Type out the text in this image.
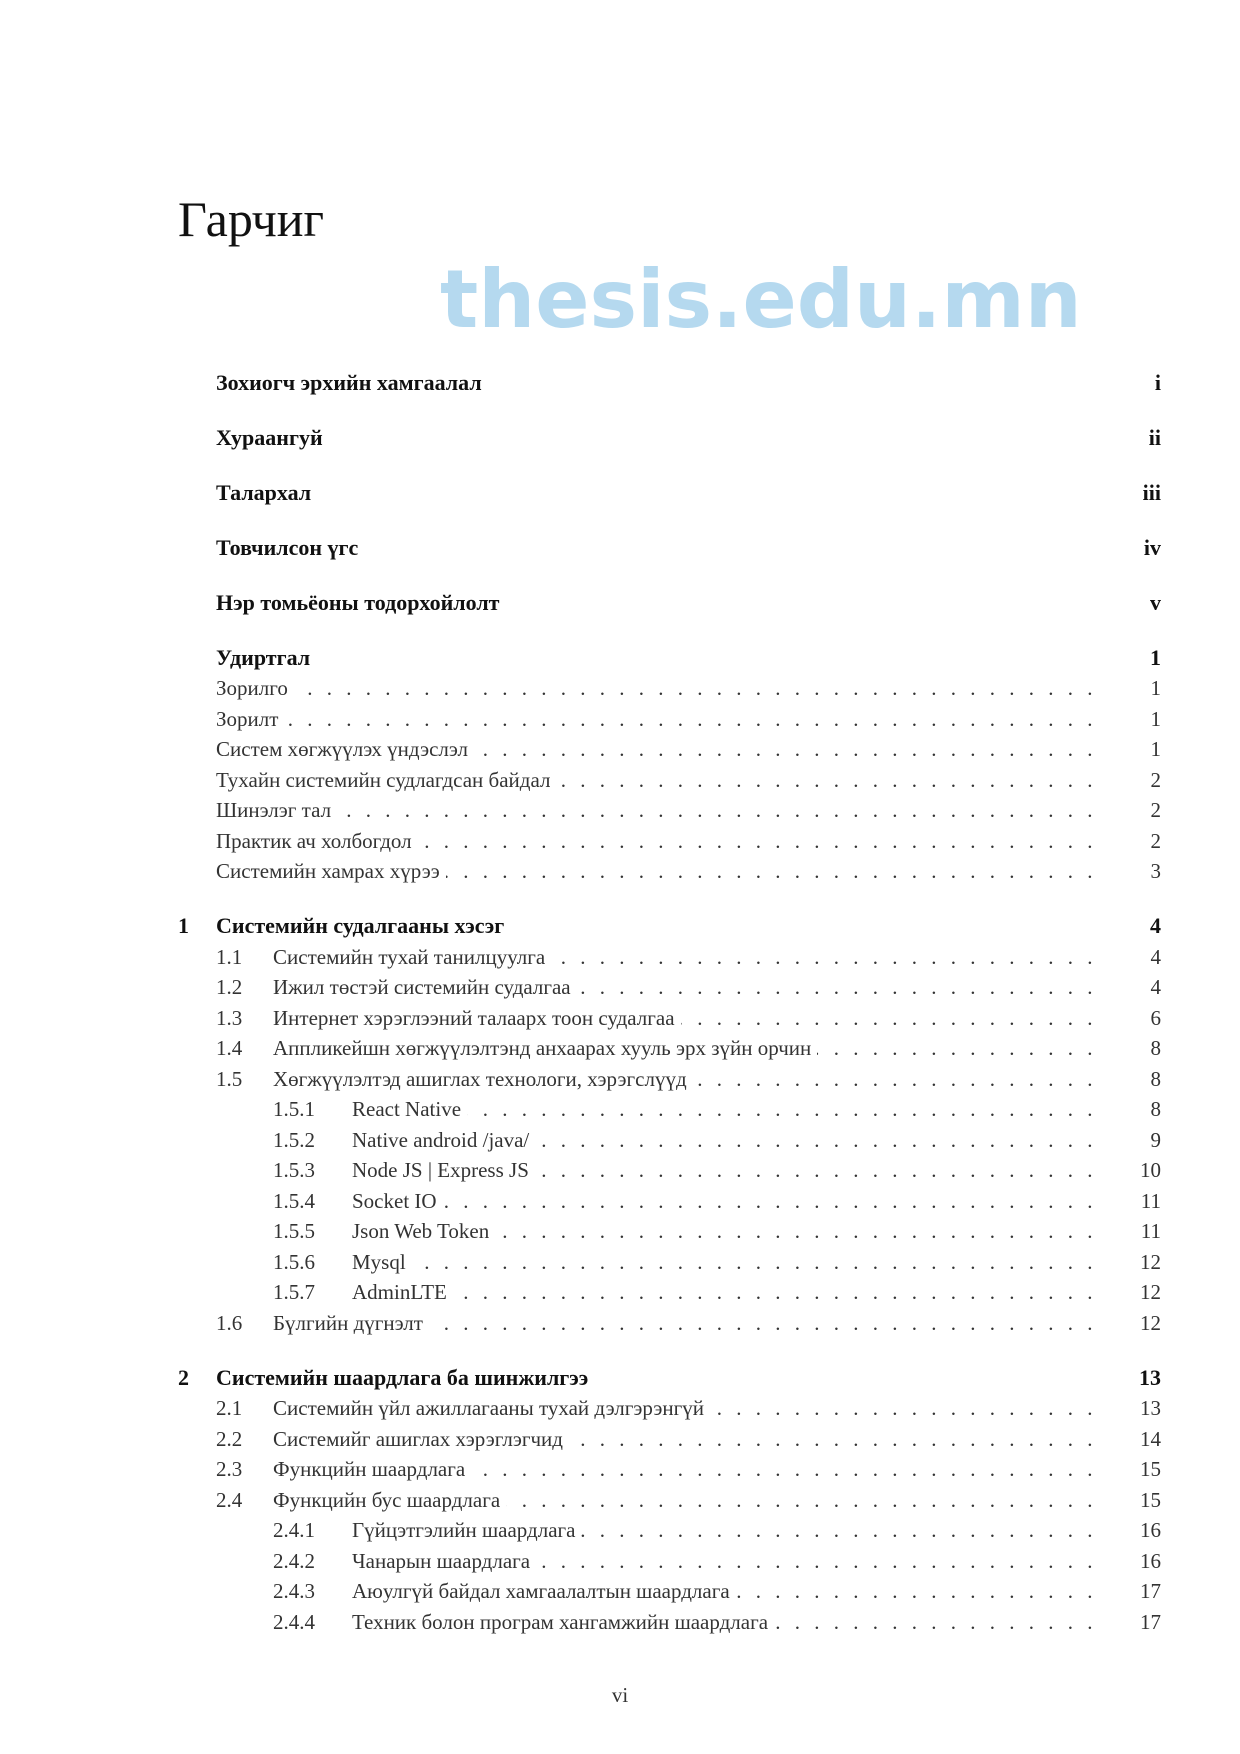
Гарчиг
thesis.edu.mn
Зохиогч эрхийн хамгаалал	i
Хураангуй	ii
Талархал	iii
Товчилсон үгс	iv
Нэр томьёоны тодорхойлолт	v
Удиртгал	1
Зорилго . . .	1
Зорилт . . .	1
Систем хөгжүүлэх үндэслэл . . .	1
Тухайн системийн судлагдсан байдал . . .	2
Шинэлэг тал . . .	2
Практик ач холбогдол . . .	2
Системийн хамрах хүрээ . . .	3
1	Системийн судалгааны хэсэг	4
1.1	Системийн тухай танилцуулга . . .	4
1.2	Ижил төстэй системийн судалгаа . . .	4
1.3	Интернет хэрэглээний талаарх тоон судалгаа . . .	6
1.4	Аппликейшн хөгжүүлэлтэнд анхаарах хууль эрх зүйн орчин . . .	8
1.5	Хөгжүүлэлтэд ашиглах технологи, хэрэгслүүд . . .	8
1.5.1	React Native . . .	8
1.5.2	Native android /java/ . . .	9
1.5.3	Node JS | Express JS . . .	10
1.5.4	Socket IO . . .	11
1.5.5	Json Web Token . . .	11
1.5.6	Mysql . . .	12
1.5.7	AdminLTE . . .	12
1.6	Бүлгийн дүгнэлт . . .	12
2	Системийн шаардлага ба шинжилгээ	13
2.1	Системийн үйл ажиллагааны тухай дэлгэрэнгүй . . .	13
2.2	Системийг ашиглах хэрэглэгчид . . .	14
2.3	Функцийн шаардлага . . .	15
2.4	Функцийн бус шаардлага . . .	15
2.4.1	Гүйцэтгэлийн шаардлага . . .	16
2.4.2	Чанарын шаардлага . . .	16
2.4.3	Аюулгүй байдал хамгаалалтын шаардлага . . .	17
2.4.4	Техник болон програм хангамжийн шаардлага . . .	17
vi
